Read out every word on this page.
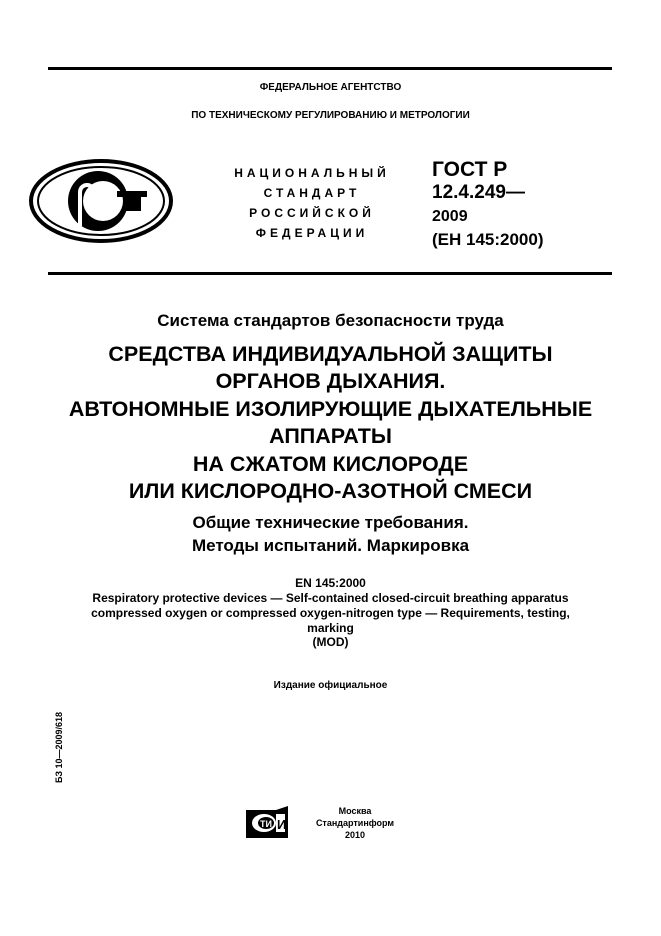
ФЕДЕРАЛЬНОЕ АГЕНТСТВО
ПО ТЕХНИЧЕСКОМУ РЕГУЛИРОВАНИЮ И МЕТРОЛОГИИ
НАЦИОНАЛЬНЫЙ
СТАНДАРТ
РОССИЙСКОЙ
ФЕДЕРАЦИИ
ГОСТ Р
12.4.249—
2009
(ЕН 145:2000)
Система стандартов безопасности труда
СРЕДСТВА ИНДИВИДУАЛЬНОЙ ЗАЩИТЫ
ОРГАНОВ ДЫХАНИЯ.
АВТОНОМНЫЕ ИЗОЛИРУЮЩИЕ ДЫХАТЕЛЬНЫЕ
АППАРАТЫ
НА СЖАТОМ КИСЛОРОДЕ
ИЛИ КИСЛОРОДНО-АЗОТНОЙ СМЕСИ
Общие технические требования.
Методы испытаний. Маркировка
EN 145:2000
Respiratory protective devices — Self-contained closed-circuit breathing apparatus
compressed oxygen or compressed oxygen-nitrogen type — Requirements, testing,
marking
(MOD)
Издание официальное
БЗ 10—2009/618
ТИ И
Москва
Стандартинформ
2010
